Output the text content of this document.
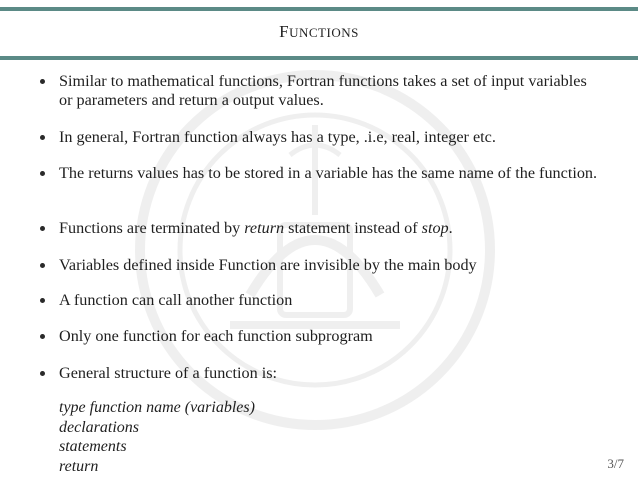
FUNCTIONS
Similar to mathematical functions, Fortran functions takes a set of input variables or parameters and return a output values.
In general, Fortran function always has a type, .i.e, real, integer etc.
The returns values has to be stored in a variable has the same name of the function.
Functions are terminated by return statement instead of stop.
Variables defined inside Function are invisible by the main body
A function can call another function
Only one function for each function subprogram
General structure of a function is:
type function name (variables)
declarations
statements
return	3/7
